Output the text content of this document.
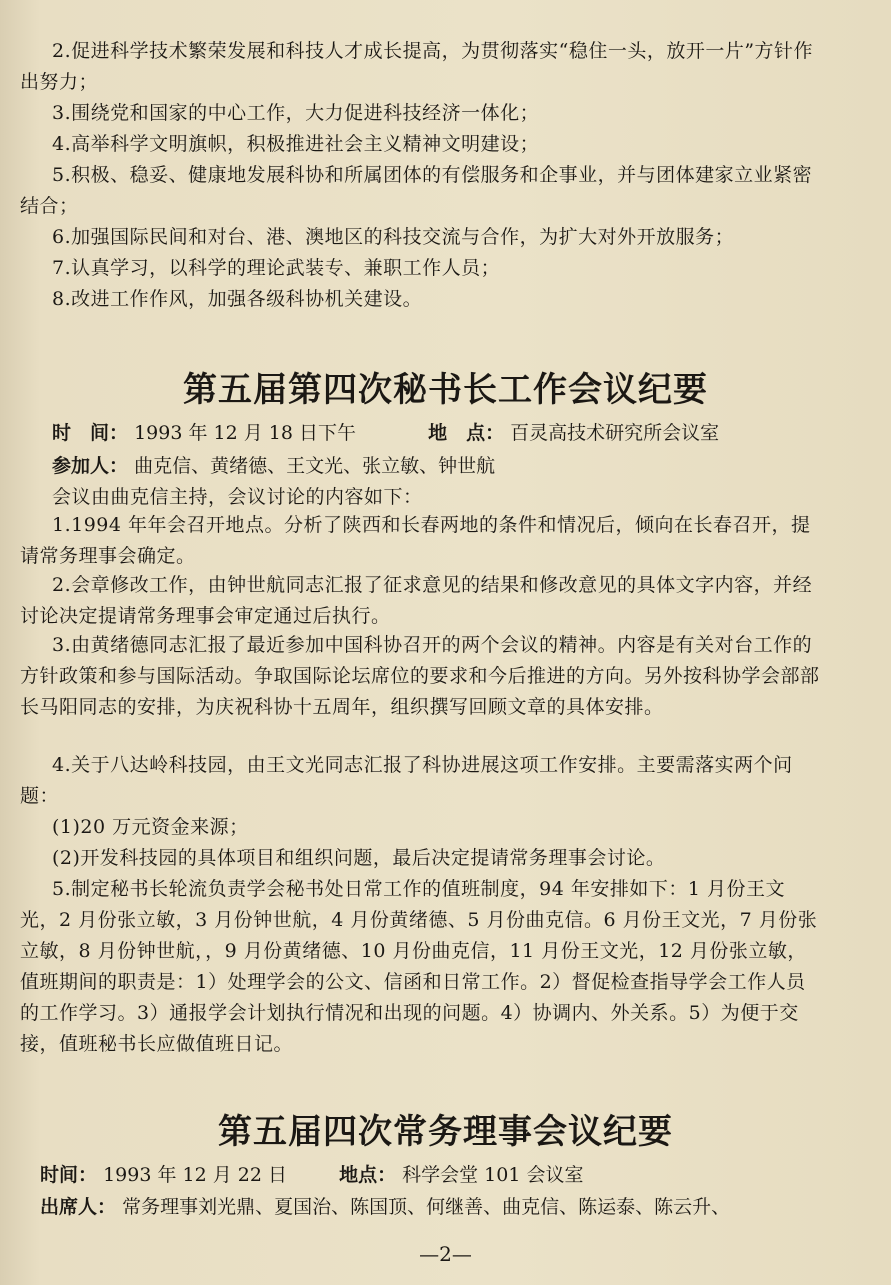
2.促进科学技术繁荣发展和科技人才成长提高，为贯彻落实“稳住一头，放开一片”方针作出努力；

3.围绕党和国家的中心工作，大力促进科技经济一体化；

4.高举科学文明旗帜，积极推进社会主义精神文明建设；

5.积极、稳妥、健康地发展科协和所属团体的有偿服务和企事业，并与团体建家立业紧密结合；

6.加强国际民间和对台、港、澳地区的科技交流与合作，为扩大对外开放服务；

7.认真学习，以科学的理论武装专、兼职工作人员；

8.改进工作作风，加强各级科协机关建设。

第五届第四次秘书长工作会议纪要
时　间： 1993 年 12 月 18 日下午	地　点： 百灵高技术研究所会议室
参加人： 曲克信、黄绪德、王文光、张立敏、钟世航

会议由曲克信主持，会议讨论的内容如下：

1.1994 年年会召开地点。分析了陕西和长春两地的条件和情况后，倾向在长春召开，提请常务理事会确定。

2.会章修改工作，由钟世航同志汇报了征求意见的结果和修改意见的具体文字内容，并经讨论决定提请常务理事会审定通过后执行。

3.由黄绪德同志汇报了最近参加中国科协召开的两个会议的精神。内容是有关对台工作的方针政策和参与国际活动。争取国际论坛席位的要求和今后推进的方向。另外按科协学会部部长马阳同志的安排，为庆祝科协十五周年，组织撰写回顾文章的具体安排。

4.关于八达岭科技园，由王文光同志汇报了科协进展这项工作安排。主要需落实两个问题：

(1)20 万元资金来源；

(2)开发科技园的具体项目和组织问题，最后决定提请常务理事会讨论。

5.制定秘书长轮流负责学会秘书处日常工作的值班制度，94 年安排如下：1 月份王文光，2 月份张立敏，3 月份钟世航，4 月份黄绪德、5 月份曲克信。6 月份王文光，7 月份张立敏，8 月份钟世航，，9 月份黄绪德、10 月份曲克信，11 月份王文光，12 月份张立敏，值班期间的职责是：1）处理学会的公文、信函和日常工作。2）督促检查指导学会工作人员的工作学习。3）通报学会计划执行情况和出现的问题。4）协调内、外关系。5）为便于交接，值班秘书长应做值班日记。

第五届四次常务理事会议纪要
时间： 1993 年 12 月 22 日	地点： 科学会堂 101 会议室
出席人： 常务理事刘光鼎、夏国治、陈国顶、何继善、曲克信、陈运泰、陈云升、
—2—
